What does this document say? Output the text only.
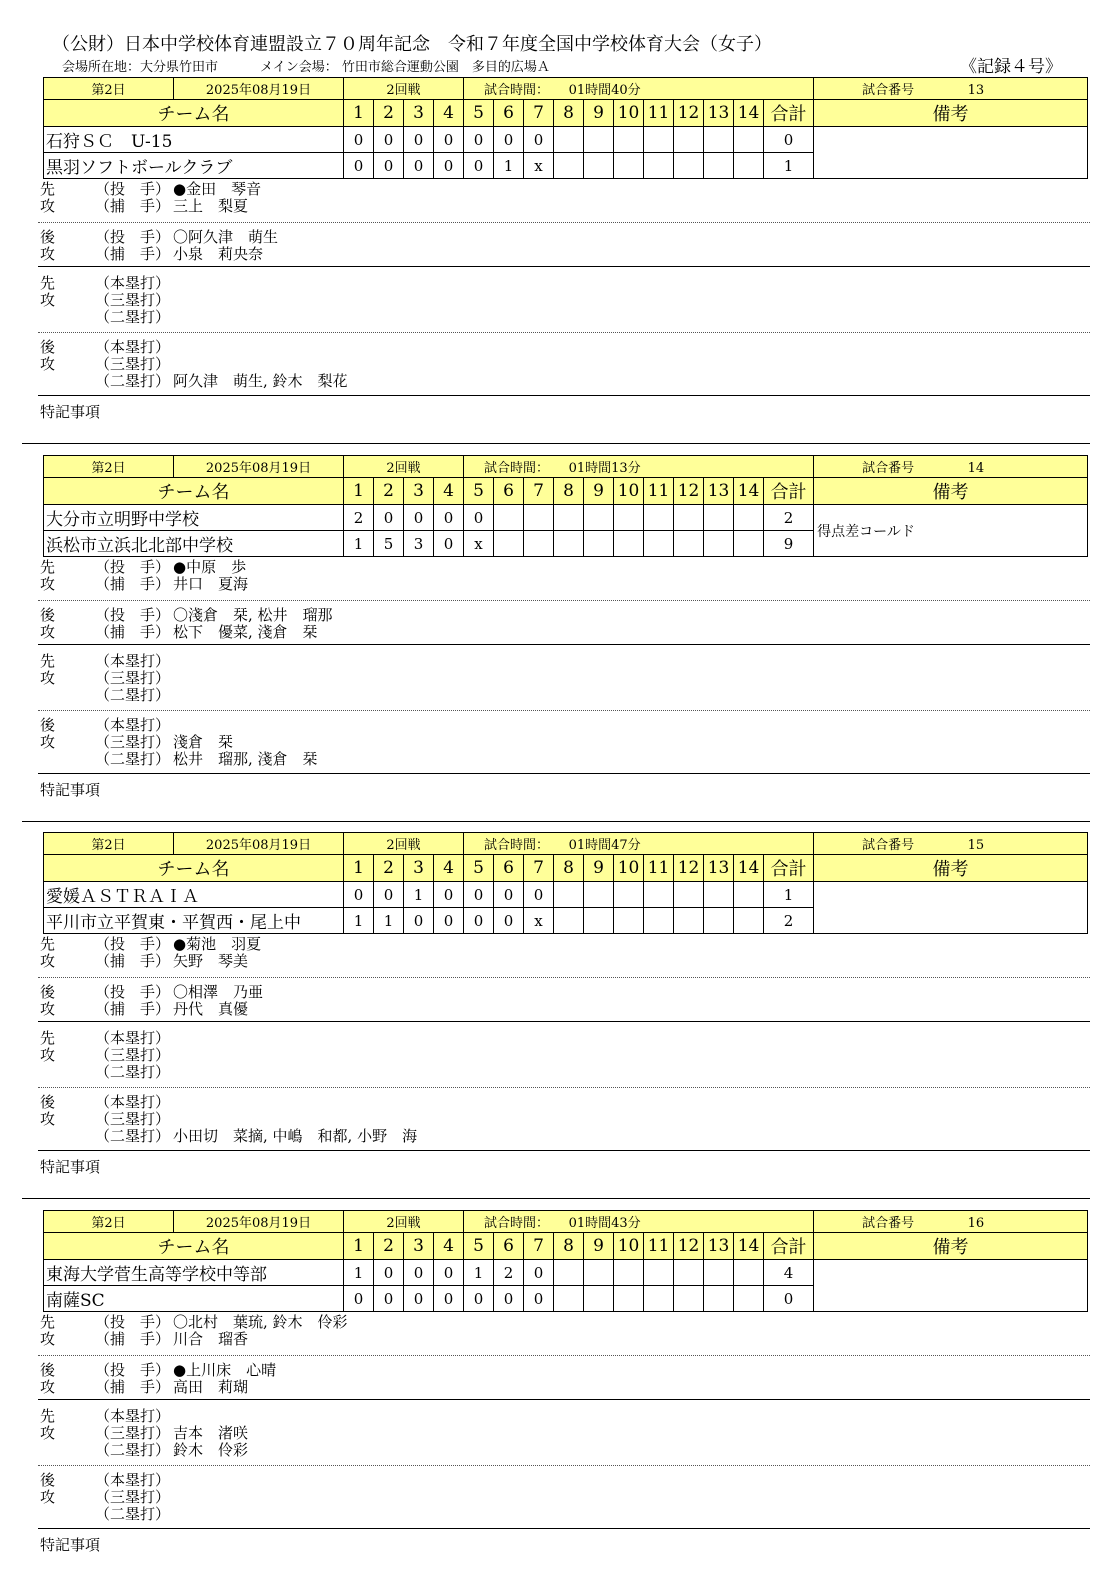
（公財）日本中学校体育連盟設立７０周年記念　令和７年度全国中学校体育大会（女子）
会場所在地：大分県竹田市	メイン会場： 竹田市総合運動公園　多目的広場Ａ	《記録４号》
第2日	2025年08月19日	2回戦				試合時間：　　 01時間40分											試合番号 13
チーム名		1	2	3	4	5	6	7	8	9	10	11	12	13	14	合計	備考
石狩ＳＣ　U-15		0	0	0	0	0	0	0								0	
黒羽ソフトボールクラブ		0	0	0	0	0	1	x								1	
先攻
（投　手） ●金田　琴音
（捕　手） 三上　梨夏
後攻
（投　手） 〇阿久津　萌生
（捕　手） 小泉　莉央奈
先攻
（本塁打）
（三塁打）
（二塁打）
後攻
（本塁打）
（三塁打）
（二塁打） 阿久津　萌生, 鈴木　梨花
特記事項
第2日	2025年08月19日	2回戦				試合時間：　　 01時間13分											試合番号 14
チーム名		1	2	3	4	5	6	7	8	9	10	11	12	13	14	合計	備考
大分市立明野中学校		2	0	0	0	0										2	得点差コールド
浜松市立浜北北部中学校		1	5	3	0	x										9	
先攻
（投　手） ●中原　歩
（捕　手） 井口　夏海
後攻
（投　手） 〇淺倉　栞, 松井　瑠那
（捕　手） 松下　優菜, 淺倉　栞
先攻
（本塁打）
（三塁打）
（二塁打）
後攻
（本塁打）
（三塁打） 淺倉　栞
（二塁打） 松井　瑠那, 淺倉　栞
特記事項
第2日	2025年08月19日	2回戦				試合時間：　　 01時間47分											試合番号 15
チーム名		1	2	3	4	5	6	7	8	9	10	11	12	13	14	合計	備考
愛媛ＡＳＴＲＡＩＡ		0	0	1	0	0	0	0								1	
平川市立平賀東・平賀西・尾上中		1	1	0	0	0	0	x								2	
先攻
（投　手） ●菊池　羽夏
（捕　手） 矢野　琴美
後攻
（投　手） 〇相澤　乃亜
（捕　手） 丹代　真優
先攻
（本塁打）
（三塁打）
（二塁打）
後攻
（本塁打）
（三塁打）
（二塁打） 小田切　菜摘, 中嶋　和都, 小野　海
特記事項
第2日	2025年08月19日	2回戦				試合時間：　　 01時間43分											試合番号 16
チーム名		1	2	3	4	5	6	7	8	9	10	11	12	13	14	合計	備考
東海大学菅生高等学校中等部		1	0	0	0	1	2	0								4	
南薩SC		0	0	0	0	0	0	0								0	
先攻
（投　手） 〇北村　葉琉, 鈴木　伶彩
（捕　手） 川合　瑠香
後攻
（投　手） ●上川床　心晴
（捕　手） 高田　莉瑚
先攻
（本塁打）
（三塁打） 吉本　渚咲
（二塁打） 鈴木　伶彩
後攻
（本塁打）
（三塁打）
（二塁打）
特記事項
